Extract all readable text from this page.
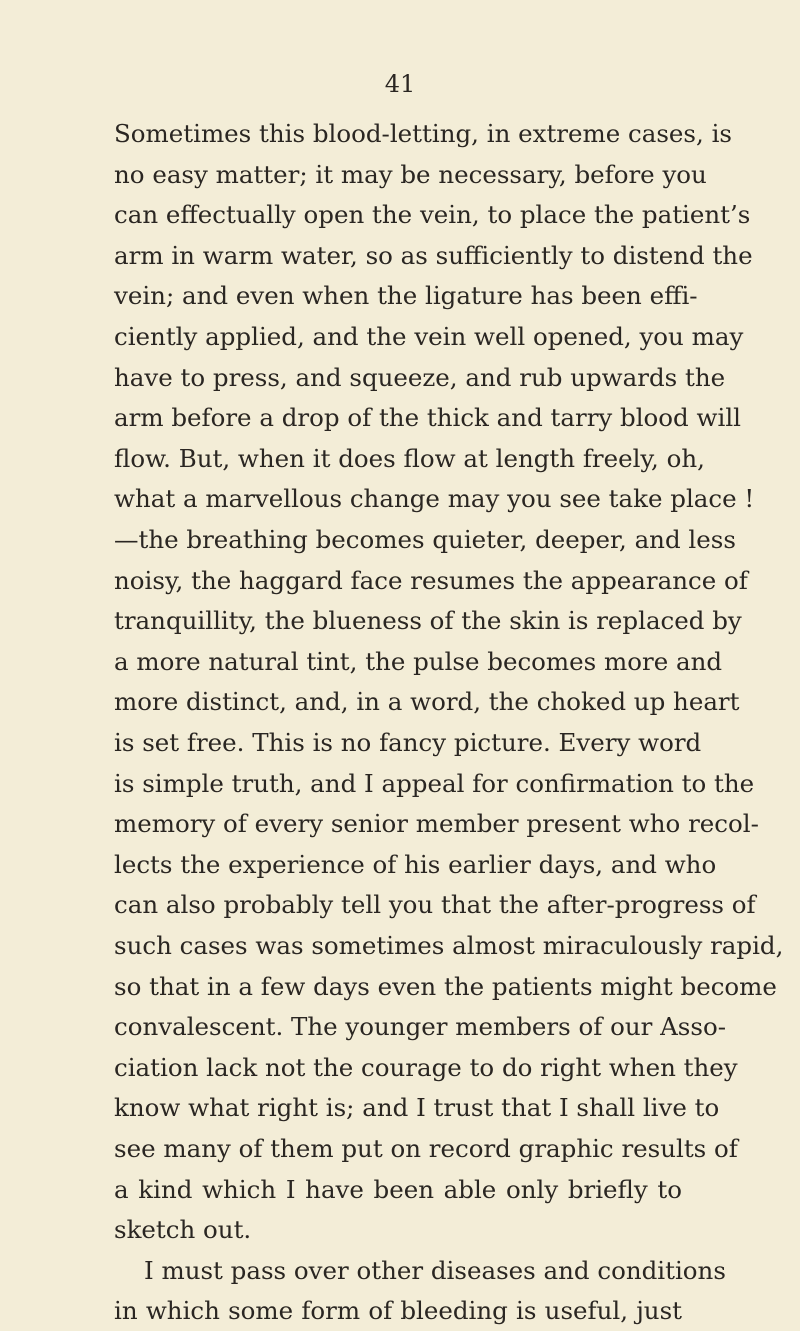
41
Sometimes this blood-letting, in extreme cases, is
no easy matter; it may be necessary, before you
can effectually open the vein, to place the patient’s
arm in warm water, so as sufficiently to distend the
vein; and even when the ligature has been effi-
ciently applied, and the vein well opened, you may
have to press, and squeeze, and rub upwards the
arm before a drop of the thick and tarry blood will
flow. But, when it does flow at length freely, oh,
what a marvellous change may you see take place !
—the breathing becomes quieter, deeper, and less
noisy, the haggard face resumes the appearance of
tranquillity, the blueness of the skin is replaced by
a more natural tint, the pulse becomes more and
more distinct, and, in a word, the choked up heart
is set free. This is no fancy picture. Every word
is simple truth, and I appeal for confirmation to the
memory of every senior member present who recol-
lects the experience of his earlier days, and who
can also probably tell you that the after-progress of
such cases was sometimes almost miraculously rapid,
so that in a few days even the patients might become
convalescent. The younger members of our Asso-
ciation lack not the courage to do right when they
know what right is; and I trust that I shall live to
see many of them put on record graphic results of
a kind which I have been able only briefly to
sketch out.
I must pass over other diseases and conditions
in which some form of bleeding is useful, just
